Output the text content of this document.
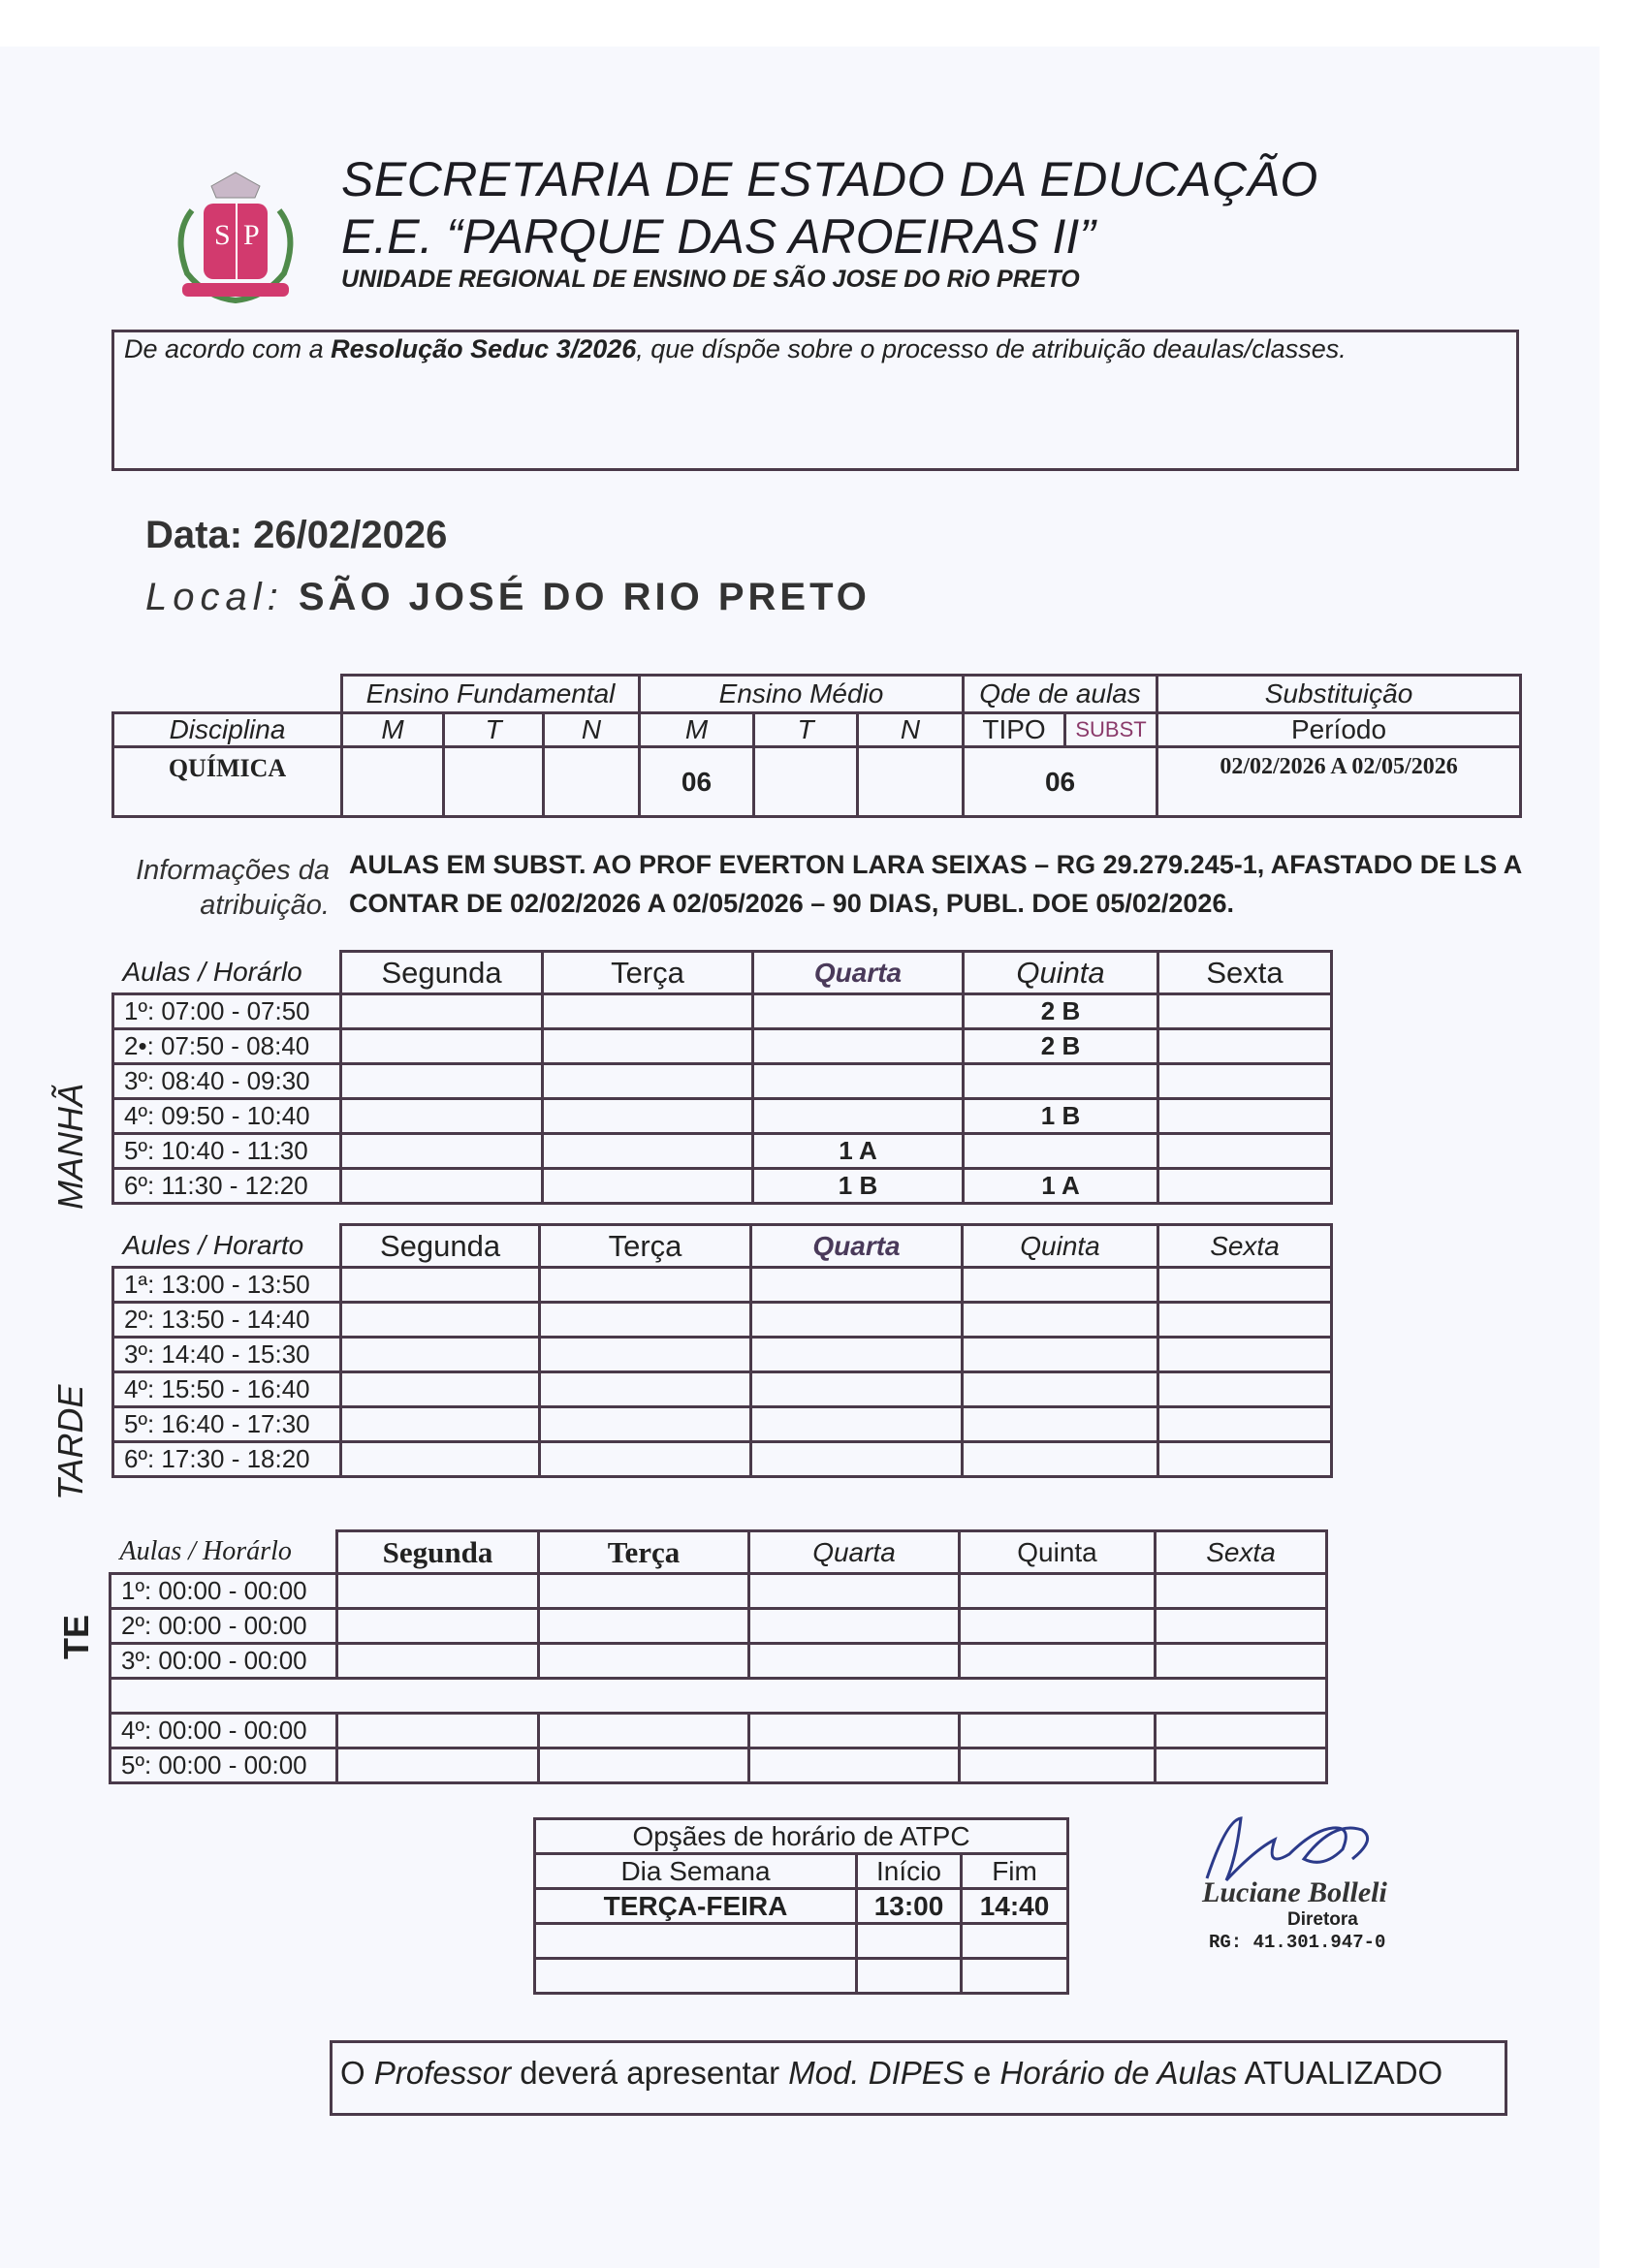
S P
SECRETARIA DE ESTADO DA EDUCAÇÃO
E.E. “PARQUE DAS AROEIRAS II”
UNIDADE REGIONAL DE ENSINO DE SÃO JOSE DO RiO PRETO
De acordo com a Resolução Seduc 3/2026, que díspõe sobre o processo de atribuição deaulas/classes.
Data: 26/02/2026
Local: SÃO JOSÉ DO RIO PRETO
	Ensino Fundamental			Ensino Médio			Qde de aulas		Substituição
Disciplina	M	T	N	M	T	N	TIPO	SUBST	Período
QUÍMICA				06			06		02/02/2026 A 02/05/2026
Informações da atribuição.
AULAS EM SUBST. AO PROF EVERTON LARA SEIXAS – RG 29.279.245-1, AFASTADO DE LS A CONTAR DE 02/02/2026 A 02/05/2026 – 90 DIAS, PUBL. DOE 05/02/2026.
MANHÃ
Aulas / Horárlo	Segunda	Terça	Quarta	Quinta	Sexta
1º: 07:00 - 07:50				2 B	
2•: 07:50 - 08:40				2 B	
3º: 08:40 - 09:30					
4º: 09:50 - 10:40				1 B	
5º: 10:40 - 11:30			1 A		
6º: 11:30 - 12:20			1 B	1 A	
TARDE
Aules / Horarto	Segunda	Terça	Quarta	Quinta	Sexta
1ª: 13:00 - 13:50					
2º: 13:50 - 14:40					
3º: 14:40 - 15:30					
4º: 15:50 - 16:40					
5º: 16:40 - 17:30					
6º: 17:30 - 18:20					
TE
Aulas / Horárlo	Segunda	Terça	Quarta	Quinta	Sexta
1º: 00:00 - 00:00					
2º: 00:00 - 00:00					
3º: 00:00 - 00:00					

4º: 00:00 - 00:00					
5º: 00:00 - 00:00					
Opşães de horário de ATPC		
Dia Semana	Início	Fim
TERÇA-FEIRA	13:00	14:40

			Luciane Bolleli
Diretora
RG: 41.301.947-0
O Professor deverá apresentar Mod. DIPES e Horário de Aulas ATUALIZADO
